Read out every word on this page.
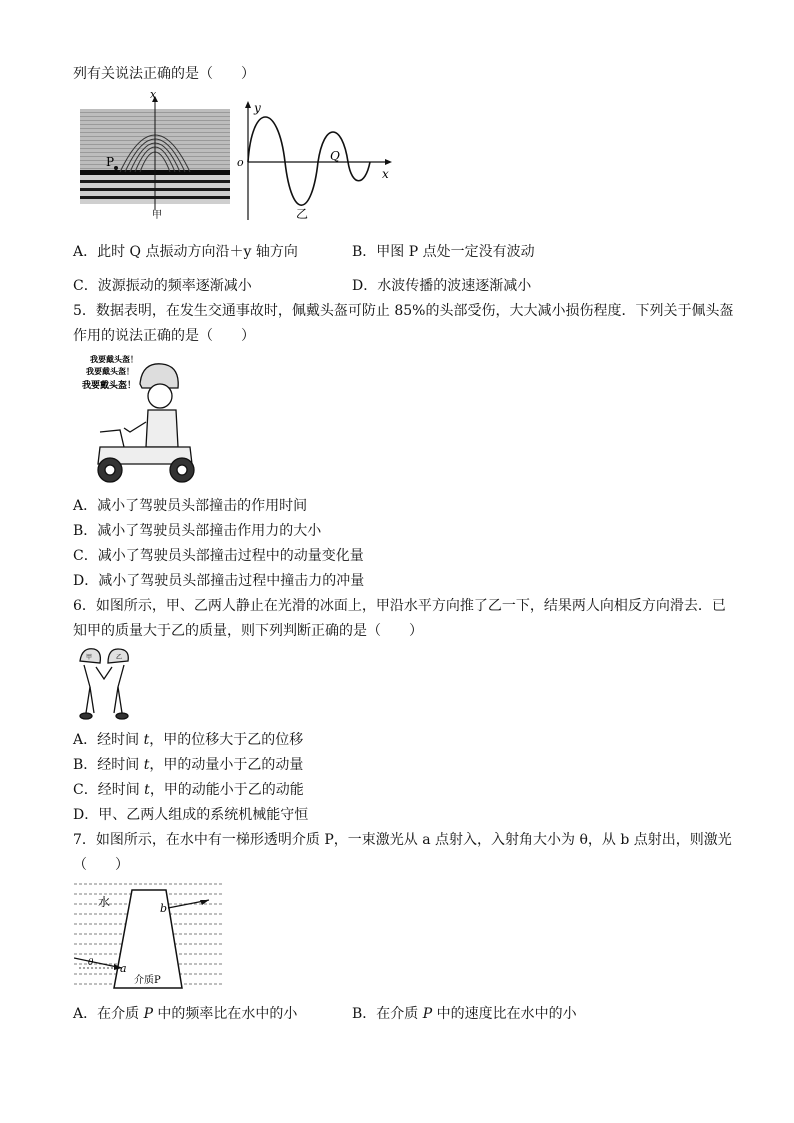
列有关说法正确的是（　　）
x
P
甲
y
x
o	Q
乙
A．此时 Q 点振动方向沿＋y 轴方向	B．甲图 P 点处一定没有波动
C．波源振动的频率逐渐减小	D．水波传播的波速逐渐减小
5．数据表明，在发生交通事故时，佩戴头盔可防止 85%的头部受伤，大大减小损伤程度．下列关于佩头盔
作用的说法正确的是（　　）
我要戴头盔！
我要戴头盔！
我要戴头盔！
A．减小了驾驶员头部撞击的作用时间
B．减小了驾驶员头部撞击作用力的大小
C．减小了驾驶员头部撞击过程中的动量变化量
D．减小了驾驶员头部撞击过程中撞击力的冲量
6．如图所示，甲、乙两人静止在光滑的冰面上，甲沿水平方向推了乙一下，结果两人向相反方向滑去．已
知甲的质量大于乙的质量，则下列判断正确的是（　　）
甲	乙
A．经时间 t，甲的位移大于乙的位移
B．经时间 t，甲的动量小于乙的动量
C．经时间 t，甲的动能小于乙的动能
D．甲、乙两人组成的系统机械能守恒
7．如图所示，在水中有一梯形透明介质 P，一束激光从 a 点射入，入射角大小为 θ，从 b 点射出，则激光
（　　）
水
a
b
θ
介质P
A．在介质 P 中的频率比在水中的小	B．在介质 P 中的速度比在水中的小
